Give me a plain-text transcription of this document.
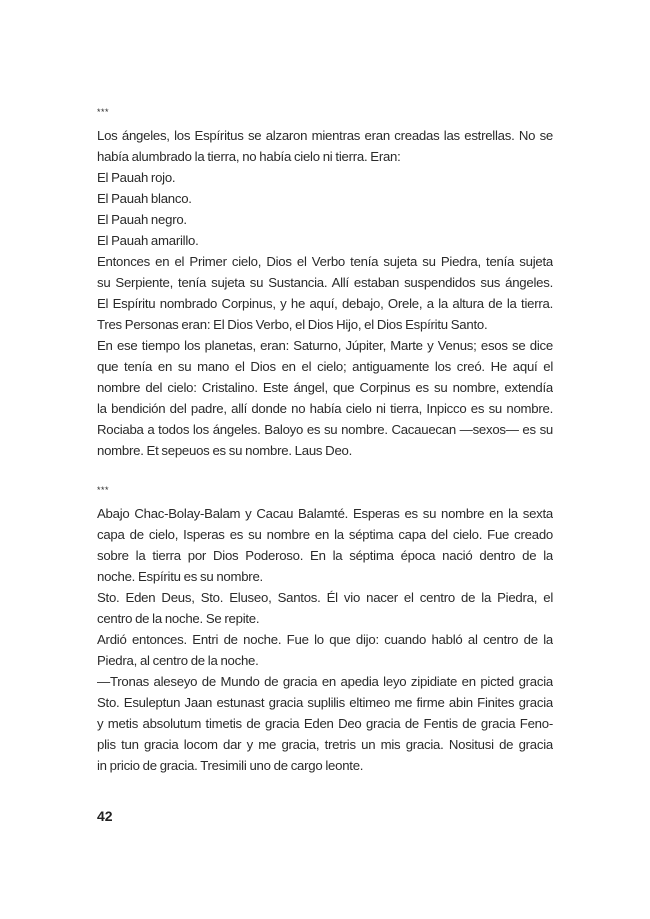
***
Los ángeles, los Espíritus se alzaron mientras eran creadas las estrellas. No se
había alumbrado la tierra, no había cielo ni tierra. Eran:
El Pauah rojo.
El Pauah blanco.
El Pauah negro.
El Pauah amarillo.
Entonces en el Primer cielo, Dios el Verbo tenía sujeta su Piedra, tenía sujeta
su Serpiente, tenía sujeta su Sustancia. Allí estaban suspendidos sus ángeles.
El Espíritu nombrado Corpinus, y he aquí, debajo, Orele, a la altura de la tierra.
Tres Personas eran: El Dios Verbo, el Dios Hijo, el Dios Espíritu Santo.
En ese tiempo los planetas, eran: Saturno, Júpiter, Marte y Venus; esos se dice
que tenía en su mano el Dios en el cielo; antiguamente los creó. He aquí el
nombre del cielo: Cristalino. Este ángel, que Corpinus es su nombre, extendía
la bendición del padre, allí donde no había cielo ni tierra, Inpicco es su nombre.
Rociaba a todos los ángeles. Baloyo es su nombre. Cacauecan —sexos— es su
nombre. Et sepeuos es su nombre. Laus Deo.
***
Abajo Chac-Bolay-Balam y Cacau Balamté. Esperas es su nombre en la sexta
capa de cielo, Isperas es su nombre en la séptima capa del cielo. Fue creado
sobre la tierra por Dios Poderoso. En la séptima época nació dentro de la
noche. Espíritu es su nombre.
Sto. Eden Deus, Sto. Eluseo, Santos. Él vio nacer el centro de la Piedra, el
centro de la noche. Se repite.
Ardió entonces. Entri de noche. Fue lo que dijo: cuando habló al centro de la
Piedra, al centro de la noche.
—Tronas aleseyo de Mundo de gracia en apedia leyo zipidiate en picted gracia
Sto. Esuleptun Jaan estunast gracia suplilis eltimeo me firme abin Finites gracia
y metis absolutum timetis de gracia Eden Deo gracia de Fentis de gracia Feno-
plis tun gracia locom dar y me gracia, tretris un mis gracia. Nositusi de gracia
in pricio de gracia. Tresimili uno de cargo leonte.
42
